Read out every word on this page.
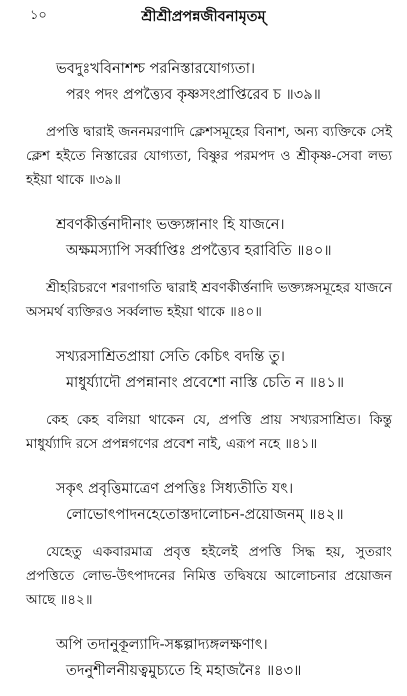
১০	শ্রীশ্রীপ্রপন্নজীবনামৃতম্‌
ভবদুঃখবিনাশশ্চ পরনিস্তারযোগ্যতা।
পরং পদং প্রপত্ত্যৈব কৃষ্ণসংপ্রাপ্তিরেব চ ॥৩৯॥

প্রপত্তি দ্বারাই জননমরণাদি ক্লেশসমূহের বিনাশ, অন্য ব্যক্তিকে সেই ক্লেশ হইতে নিস্তারের যোগ্যতা, বিষ্ণুর পরমপদ ও শ্রীকৃষ্ণ-সেবা লভ্য হইয়া থাকে ॥৩৯॥

শ্রবণকীর্ত্তনাদীনাং ভক্ত্যঙ্গানাং হি যাজনে।
অক্ষমস্যাপি সর্ব্বাপ্তিঃ প্রপত্ত্যৈব হরাবিতি ॥৪০॥

শ্রীহরিচরণে শরণাগতি দ্বারাই শ্রবণকীর্ত্তনাদি ভক্ত্যঙ্গসমূহের যাজনে অসমর্থ ব্যক্তিরও সর্ব্বলাভ হইয়া থাকে ॥৪০॥

সখ্যরসাশ্রিতপ্রায়া সেতি কেচিৎ বদন্তি তু।
মাধুর্য্যাদৌ প্রপন্নানাং প্রবেশো নাস্তি চেতি ন ॥৪১॥

কেহ কেহ বলিয়া থাকেন যে, প্রপত্তি প্রায় সখ্যরসাশ্রিত। কিন্তু মাধুর্য্যাদি রসে প্রপন্নগণের প্রবেশ নাই, এরূপ নহে ॥৪১॥

সকৃৎ প্রবৃত্তিমাত্রেণ প্রপত্তিঃ সিধ্যতীতি যৎ।
লোভোৎপাদনহেতোস্তদালোচন-প্রয়োজনম্‌ ॥৪২॥

যেহেতু একবারমাত্র প্রবৃত্ত হইলেই প্রপত্তি সিদ্ধ হয়, সুতরাং প্রপত্তিতে লোভ-উৎপাদনের নিমিত্ত তদ্বিষয়ে আলোচনার প্রয়োজন আছে ॥৪২॥

অপি তদানুকূল্যাদি-সঙ্কল্পাদ্যঙ্গলক্ষণাৎ।
তদনুশীলনীয়ত্বমুচ্যতে হি মহাজনৈঃ ॥৪৩॥
